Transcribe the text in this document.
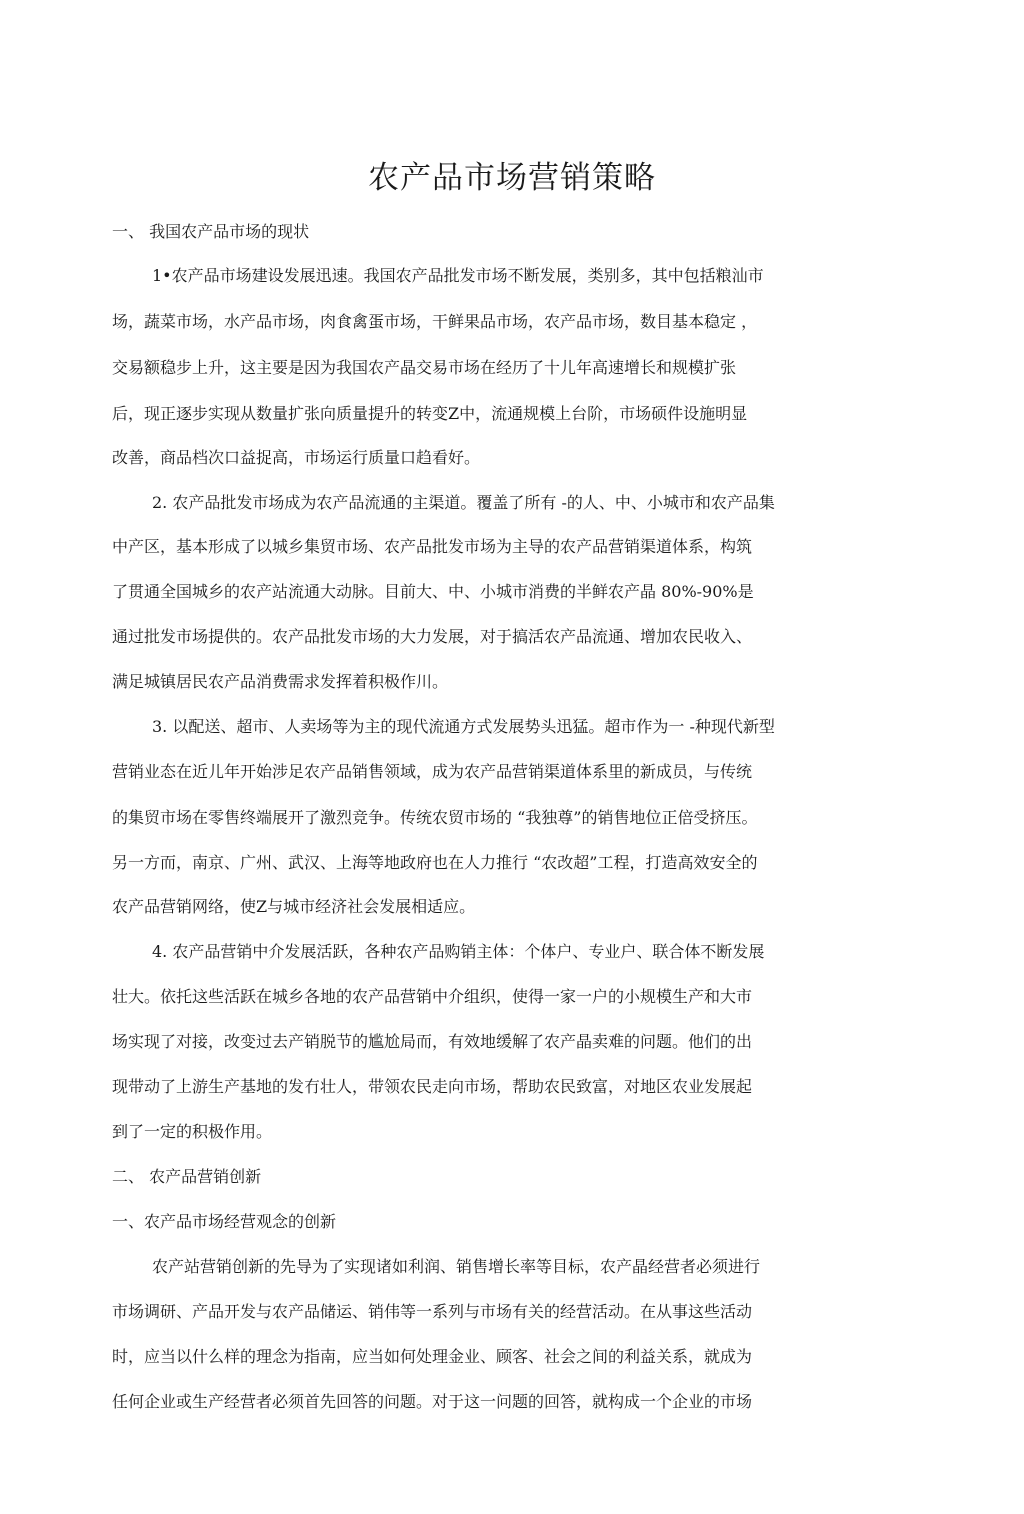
农产品市场营销策略
一、 我国农产品市场的现状
1•农产品市场建设发展迅速。我国农产品批发市场不断发展，类别多，其中包括粮汕市
场，蔬菜市场，水产品市场，肉食禽蛋市场，干鲜果品市场，农产品市场，数目基本稳定 ，
交易额稳步上升，这主要是因为我国农产晶交易市场在经历了十儿年高速增长和规模扩张
后，现正逐步实现从数量扩张向质量提升的转变Z中，流通规模上台阶，市场硕件设施明显
改善，商品档次口益捉高，市场运行质量口趋看好。
2. 农产品批发市场成为农产品流通的主渠道。覆盖了所有 -的人、中、小城市和农产品集
中产区，基本形成了以城乡集贸市场、农产品批发市场为主导的农产品营销渠道体系，构筑
了贯通全国城乡的农产站流通大动脉。目前大、中、小城市消费的半鲜农产晶 80%-90%是
通过批发市场提供的。农产品批发市场的大力发展，对于搞活农产品流通、增加农民收入、
满足城镇居民农产品消费需求发挥着积极作川。
3. 以配送、超市、人卖场等为主的现代流通方式发展势头迅猛。超市作为一 -种现代新型
营销业态在近儿年开始涉足农产品销售领域，成为农产品营销渠道体系里的新成员，与传统
的集贸市场在零售终端展开了激烈竞争。传统农贸市场的 “我独尊”的销售地位正倍受挤压。
另一方而，南京、广州、武汉、上海等地政府也在人力推行 “农改超”工程，打造高效安全的
农产品营销网络，使Z与城市经济社会发展相适应。
4. 农产品营销中介发展活跃，各种农产品购销主体：个体户、专业户、联合体不断发展
壮大。依托这些活跃在城乡各地的农产品营销中介组织，使得一家一户的小规模生产和大市
场实现了对接，改变过去产销脱节的尴尬局而，有效地缓解了农产晶卖难的问题。他们的出
现带动了上游生产基地的发冇壮人，带领农民走向市场，帮助农民致富，对地区农业发展起
到了一定的积极作用。
二、 农产品营销创新
一、农产品市场经营观念的创新
农产站营销创新的先导为了实现诸如利润、销售增长率等目标，农产晶经营者必须进行
市场调研、产品开发与农产品储运、销伟等一系列与市场有关的经营活动。在从事这些活动
时，应当以什么样的理念为指南，应当如何处理金业、顾客、社会之间的利益关系，就成为
任何企业或生产经营者必须首先回答的问题。对于这一问题的回答，就构成一个企业的市场
